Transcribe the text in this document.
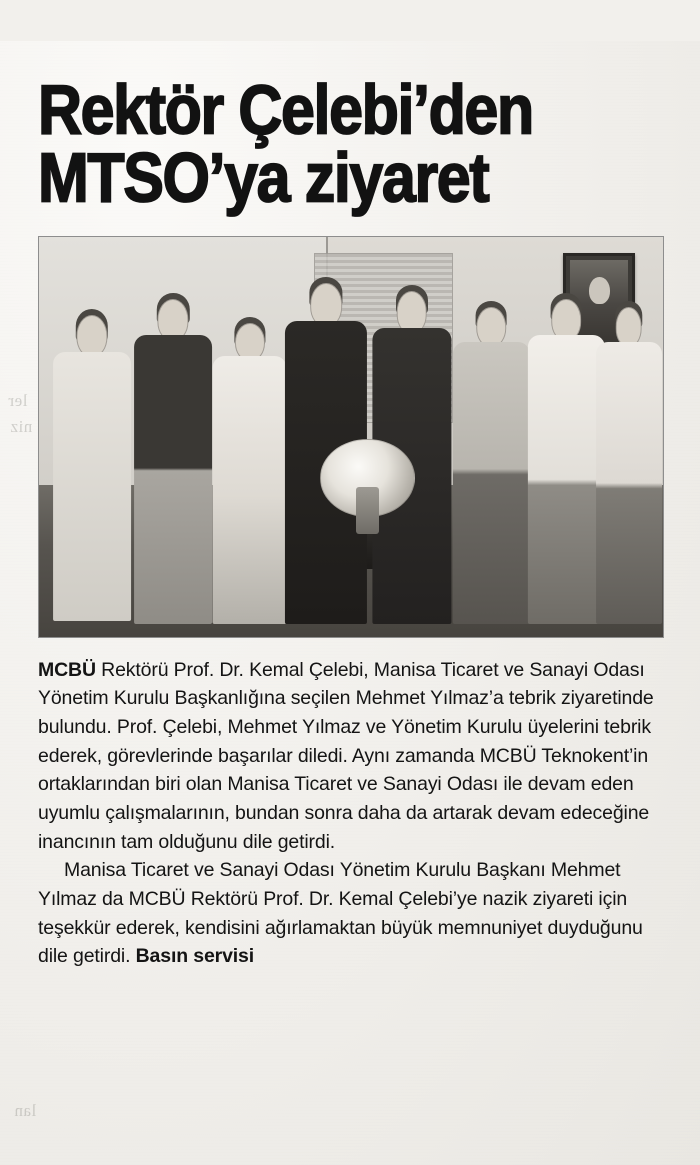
ler
niz
lan
Rektör Çelebi’den
MTSO’ya ziyaret

MCBÜ Rektörü Prof. Dr. Kemal Çelebi, Manisa Ticaret ve Sanayi Odası Yönetim Kurulu Başkanlığına seçilen Mehmet Yılmaz’a tebrik ziyaretinde bulundu. Prof. Çelebi, Mehmet Yılmaz ve Yönetim Kurulu üyelerini tebrik ederek, görevlerinde başarılar diledi. Aynı zamanda MCBÜ Teknokent’in ortaklarından biri olan Manisa Ticaret ve Sanayi Odası ile devam eden uyumlu çalışmalarının, bundan sonra daha da artarak devam edeceğine inancının tam olduğunu dile getirdi.

Manisa Ticaret ve Sanayi Odası Yönetim Kurulu Başkanı Mehmet Yılmaz da MCBÜ Rektörü Prof. Dr. Kemal Çelebi’ye nazik ziyareti için teşekkür ederek, kendisini ağırlamaktan büyük memnuniyet duyduğunu dile getirdi. Basın servisi
